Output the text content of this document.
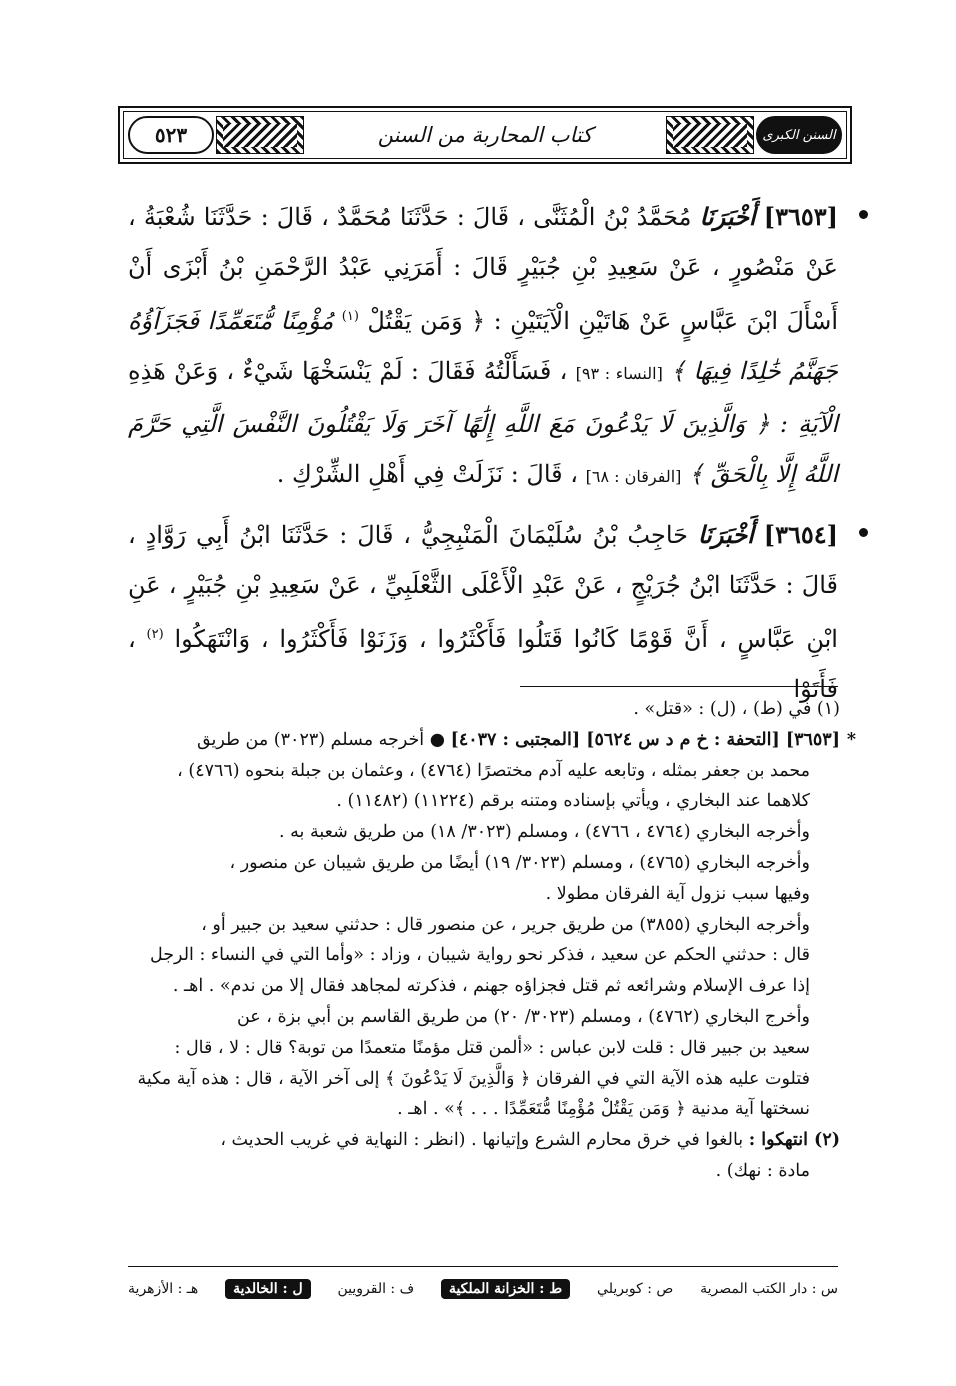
٥٢٣	كتاب المحاربة من السنن	السنن الكبرى
[٣٦٥٣] أَخْبَرَنَا مُحَمَّدُ بْنُ الْمُثَنَّى ، قَالَ : حَدَّثَنَا مُحَمَّدٌ ، قَالَ : حَدَّثَنَا شُعْبَةُ ، عَنْ مَنْصُورٍ ، عَنْ سَعِيدِ بْنِ جُبَيْرٍ قَالَ : أَمَرَنِي عَبْدُ الرَّحْمَنِ بْنُ أَبْزَى أَنْ أَسْأَلَ ابْنَ عَبَّاسٍ عَنْ هَاتَيْنِ الْآيَتَيْنِ : ﴿ وَمَن يَقْتُلْ $^{(١)}$ مُؤْمِنًا مُّتَعَمِّدًا فَجَزَآؤُهُ جَهَنَّمُ خَٰلِدًا فِيهَا ﴾ [النساء : ٩٣] ، فَسَأَلْتُهُ فَقَالَ : لَمْ يَنْسَخْهَا شَيْءٌ ، وَعَنْ هَذِهِ الْآيَةِ : ﴿ وَالَّذِينَ لَا يَدْعُونَ مَعَ اللَّهِ إِلَٰهًا آخَرَ وَلَا يَقْتُلُونَ النَّفْسَ الَّتِي حَرَّمَ اللَّهُ إِلَّا بِالْحَقِّ ﴾ [الفرقان : ٦٨] ، قَالَ : نَزَلَتْ فِي أَهْلِ الشِّرْكِ .
[٣٦٥٤] أَخْبَرَنَا حَاجِبُ بْنُ سُلَيْمَانَ الْمَنْبِجِيُّ ، قَالَ : حَدَّثَنَا ابْنُ أَبِي رَوَّادٍ ، قَالَ : حَدَّثَنَا ابْنُ جُرَيْجٍ ، عَنْ عَبْدِ الْأَعْلَى الثَّعْلَبِيِّ ، عَنْ سَعِيدِ بْنِ جُبَيْرٍ ، عَنِ ابْنِ عَبَّاسٍ ، أَنَّ قَوْمًا كَانُوا قَتَلُوا فَأَكْثَرُوا ، وَزَنَوْا فَأَكْثَرُوا ، وَانْتَهَكُوا $^{(٢)}$ ، فَأَتَوْا

(١) في (ط) ، (ل) : «قتل» .

*
[٣٦٥٣] [التحفة : خ م د س ٥٦٢٤] [المجتبى : ٤٠٣٧] ● أخرجه مسلم (٣٠٢٣) من طريق

محمد بن جعفر بمثله ، وتابعه عليه آدم مختصرًا (٤٧٦٤) ، وعثمان بن جبلة بنحوه (٤٧٦٦) ،

كلاهما عند البخاري ، ويأتي بإسناده ومتنه برقم (١١٢٢٤) (١١٤٨٢) .

وأخرجه البخاري (٤٧٦٤ ، ٤٧٦٦) ، ومسلم (٣٠٢٣/ ١٨) من طريق شعبة به .

وأخرجه البخاري (٤٧٦٥) ، ومسلم (٣٠٢٣/ ١٩) أيضًا من طريق شيبان عن منصور ،

وفيها سبب نزول آية الفرقان مطولا .

وأخرجه البخاري (٣٨٥٥) من طريق جرير ، عن منصور قال : حدثني سعيد بن جبير أو ،

قال : حدثني الحكم عن سعيد ، فذكر نحو رواية شيبان ، وزاد : «وأما التي في النساء : الرجل

إذا عرف الإسلام وشرائعه ثم قتل فجزاؤه جهنم ، فذكرته لمجاهد فقال إلا من ندم» . اهـ .

وأخرج البخاري (٤٧٦٢) ، ومسلم (٣٠٢٣/ ٢٠) من طريق القاسم بن أبي بزة ، عن

سعيد بن جبير قال : قلت لابن عباس : «ألمن قتل مؤمنًا متعمدًا من توبة؟ قال : لا ، قال :

فتلوت عليه هذه الآية التي في الفرقان ﴿ وَالَّذِينَ لَا يَدْعُونَ ﴾ إلى آخر الآية ، قال : هذه آية مكية

نسختها آية مدنية ﴿ وَمَن يَقْتُلْ مُؤْمِنًا مُّتَعَمِّدًا . . . ﴾» . اهـ .

(٢) انتهكوا : بالغوا في خرق محارم الشرع وإتيانها . (انظر : النهاية في غريب الحديث ،

مادة : نهك) .

س : دار الكتب المصرية
ص : كوبريلي
ط : الخزانة الملكية
ف : القرويين
ل : الخالدية
هـ : الأزهرية
